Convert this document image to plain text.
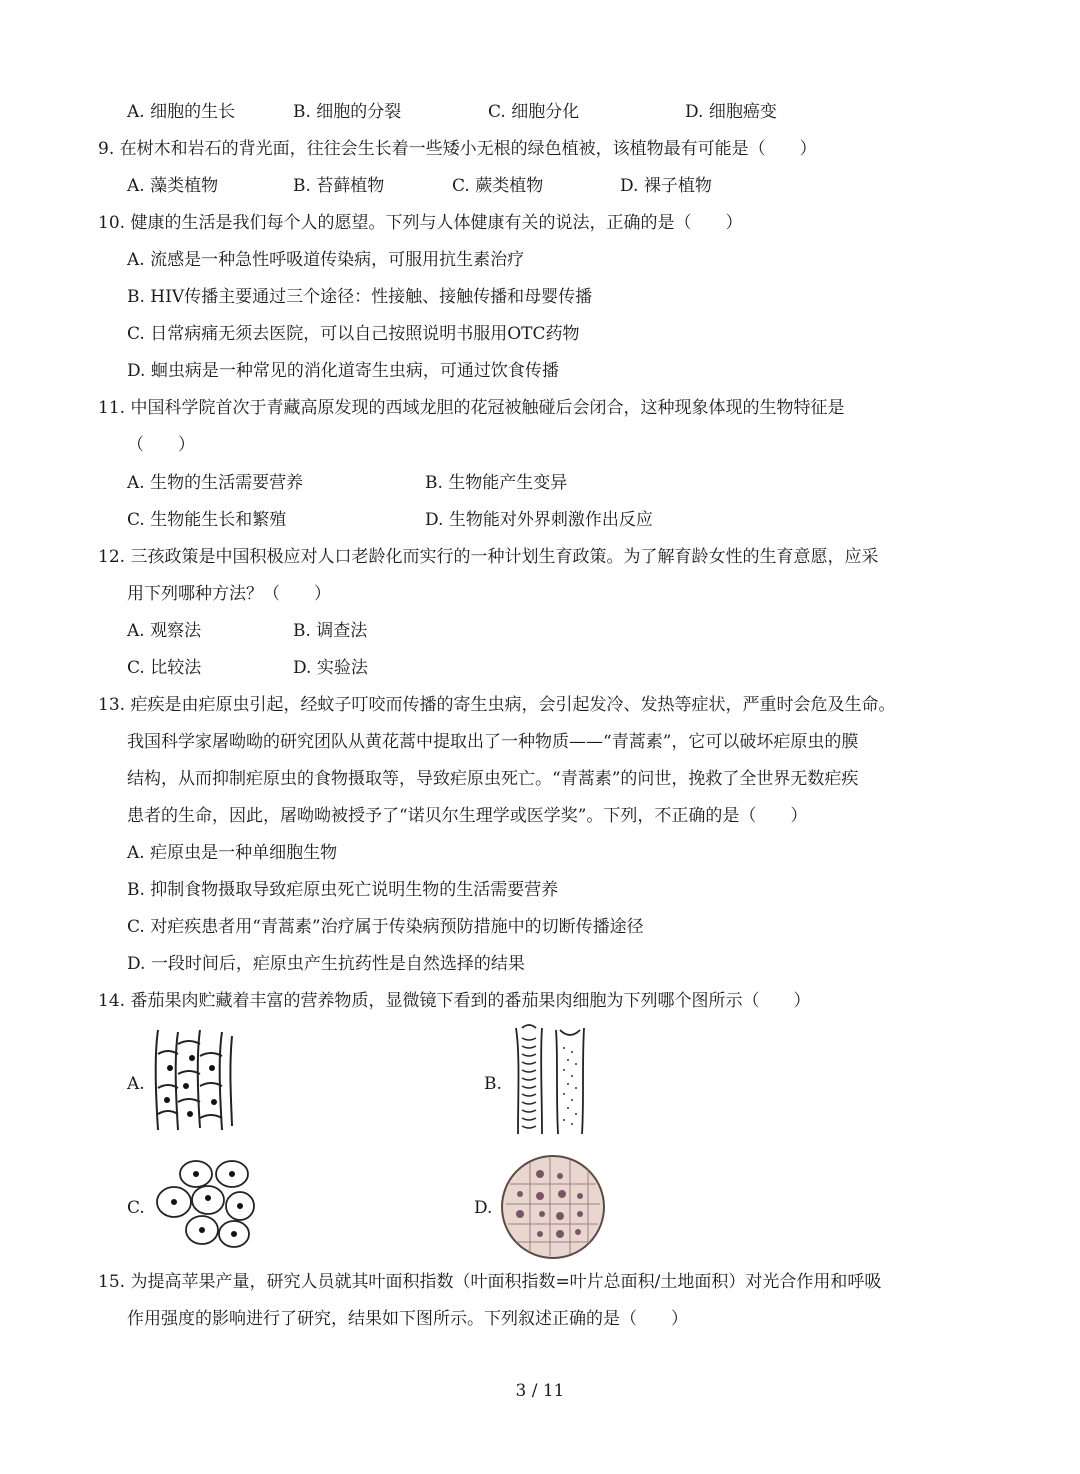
A. 细胞的生长	B. 细胞的分裂	C. 细胞分化	D. 细胞癌变
9. 在树木和岩石的背光面，往往会生长着一些矮小无根的绿色植被，该植物最有可能是（　　）
A. 藻类植物	B. 苔藓植物	C. 蕨类植物	D. 裸子植物
10. 健康的生活是我们每个人的愿望。下列与人体健康有关的说法，正确的是（　　）
A. 流感是一种急性呼吸道传染病，可服用抗生素治疗
B. HIV传播主要通过三个途径：性接触、接触传播和母婴传播
C. 日常病痛无须去医院，可以自己按照说明书服用OTC药物
D. 蛔虫病是一种常见的消化道寄生虫病，可通过饮食传播
11. 中国科学院首次于青藏高原发现的西域龙胆的花冠被触碰后会闭合，这种现象体现的生物特征是
（　　）
A. 生物的生活需要营养	B. 生物能产生变异
C. 生物能生长和繁殖	D. 生物能对外界刺激作出反应
12. 三孩政策是中国积极应对人口老龄化而实行的一种计划生育政策。为了解育龄女性的生育意愿，应采
用下列哪种方法？（　　）
A. 观察法	B. 调查法
C. 比较法	D. 实验法
13. 疟疾是由疟原虫引起，经蚊子叮咬而传播的寄生虫病，会引起发冷、发热等症状，严重时会危及生命。
我国科学家屠呦呦的研究团队从黄花蒿中提取出了一种物质——“青蒿素”，它可以破坏疟原虫的膜
结构，从而抑制疟原虫的食物摄取等，导致疟原虫死亡。“青蒿素”的问世，挽救了全世界无数疟疾
患者的生命，因此，屠呦呦被授予了“诺贝尔生理学或医学奖”。下列，不正确的是（　　）
A. 疟原虫是一种单细胞生物
B. 抑制食物摄取导致疟原虫死亡说明生物的生活需要营养
C. 对疟疾患者用“青蒿素”治疗属于传染病预防措施中的切断传播途径
D. 一段时间后，疟原虫产生抗药性是自然选择的结果
14. 番茄果肉贮藏着丰富的营养物质，显微镜下看到的番茄果肉细胞为下列哪个图所示（　　）
A.	B.
C.	D.
15. 为提高苹果产量，研究人员就其叶面积指数（叶面积指数=叶片总面积/土地面积）对光合作用和呼吸
作用强度的影响进行了研究，结果如下图所示。下列叙述正确的是（　　）
3 / 11
